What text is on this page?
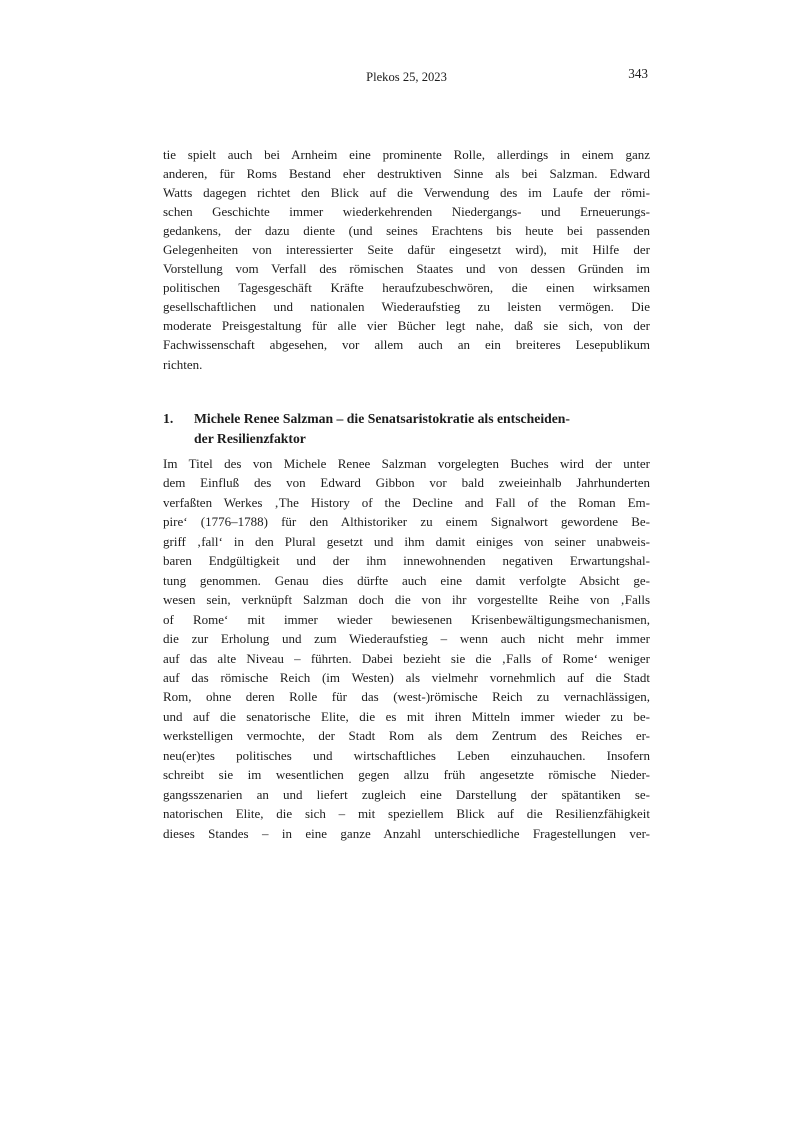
Plekos 25, 2023	343
tie spielt auch bei Arnheim eine prominente Rolle, allerdings in einem ganz
anderen, für Roms Bestand eher destruktiven Sinne als bei Salzman. Edward
Watts dagegen richtet den Blick auf die Verwendung des im Laufe der römi-
schen Geschichte immer wiederkehrenden Niedergangs- und Erneuerungs-
gedankens, der dazu diente (und seines Erachtens bis heute bei passenden
Gelegenheiten von interessierter Seite dafür eingesetzt wird), mit Hilfe der
Vorstellung vom Verfall des römischen Staates und von dessen Gründen im
politischen Tagesgeschäft Kräfte heraufzubeschwören, die einen wirksamen
gesellschaftlichen und nationalen Wiederaufstieg zu leisten vermögen. Die
moderate Preisgestaltung für alle vier Bücher legt nahe, daß sie sich, von der
Fachwissenschaft abgesehen, vor allem auch an ein breiteres Lesepublikum
richten.
1.	Michele Renee Salzman – die Senatsaristokratie als entscheiden-
der Resilienzfaktor
Im Titel des von Michele Renee Salzman vorgelegten Buches wird der unter
dem Einfluß des von Edward Gibbon vor bald zweieinhalb Jahrhunderten
verfaßten Werkes ‚The History of the Decline and Fall of the Roman Em-
pire‘ (1776–1788) für den Althistoriker zu einem Signalwort gewordene Be-
griff ‚fall‘ in den Plural gesetzt und ihm damit einiges von seiner unabweis-
baren Endgültigkeit und der ihm innewohnenden negativen Erwartungshal-
tung genommen. Genau dies dürfte auch eine damit verfolgte Absicht ge-
wesen sein, verknüpft Salzman doch die von ihr vorgestellte Reihe von ‚Falls
of Rome‘ mit immer wieder bewiesenen Krisenbewältigungsmechanismen,
die zur Erholung und zum Wiederaufstieg – wenn auch nicht mehr immer
auf das alte Niveau – führten. Dabei bezieht sie die ‚Falls of Rome‘ weniger
auf das römische Reich (im Westen) als vielmehr vornehmlich auf die Stadt
Rom, ohne deren Rolle für das (west-)römische Reich zu vernachlässigen,
und auf die senatorische Elite, die es mit ihren Mitteln immer wieder zu be-
werkstelligen vermochte, der Stadt Rom als dem Zentrum des Reiches er-
neu(er)tes politisches und wirtschaftliches Leben einzuhauchen. Insofern
schreibt sie im wesentlichen gegen allzu früh angesetzte römische Nieder-
gangsszenarien an und liefert zugleich eine Darstellung der spätantiken se-
natorischen Elite, die sich – mit speziellem Blick auf die Resilienzfähigkeit
dieses Standes – in eine ganze Anzahl unterschiedliche Fragestellungen ver-
